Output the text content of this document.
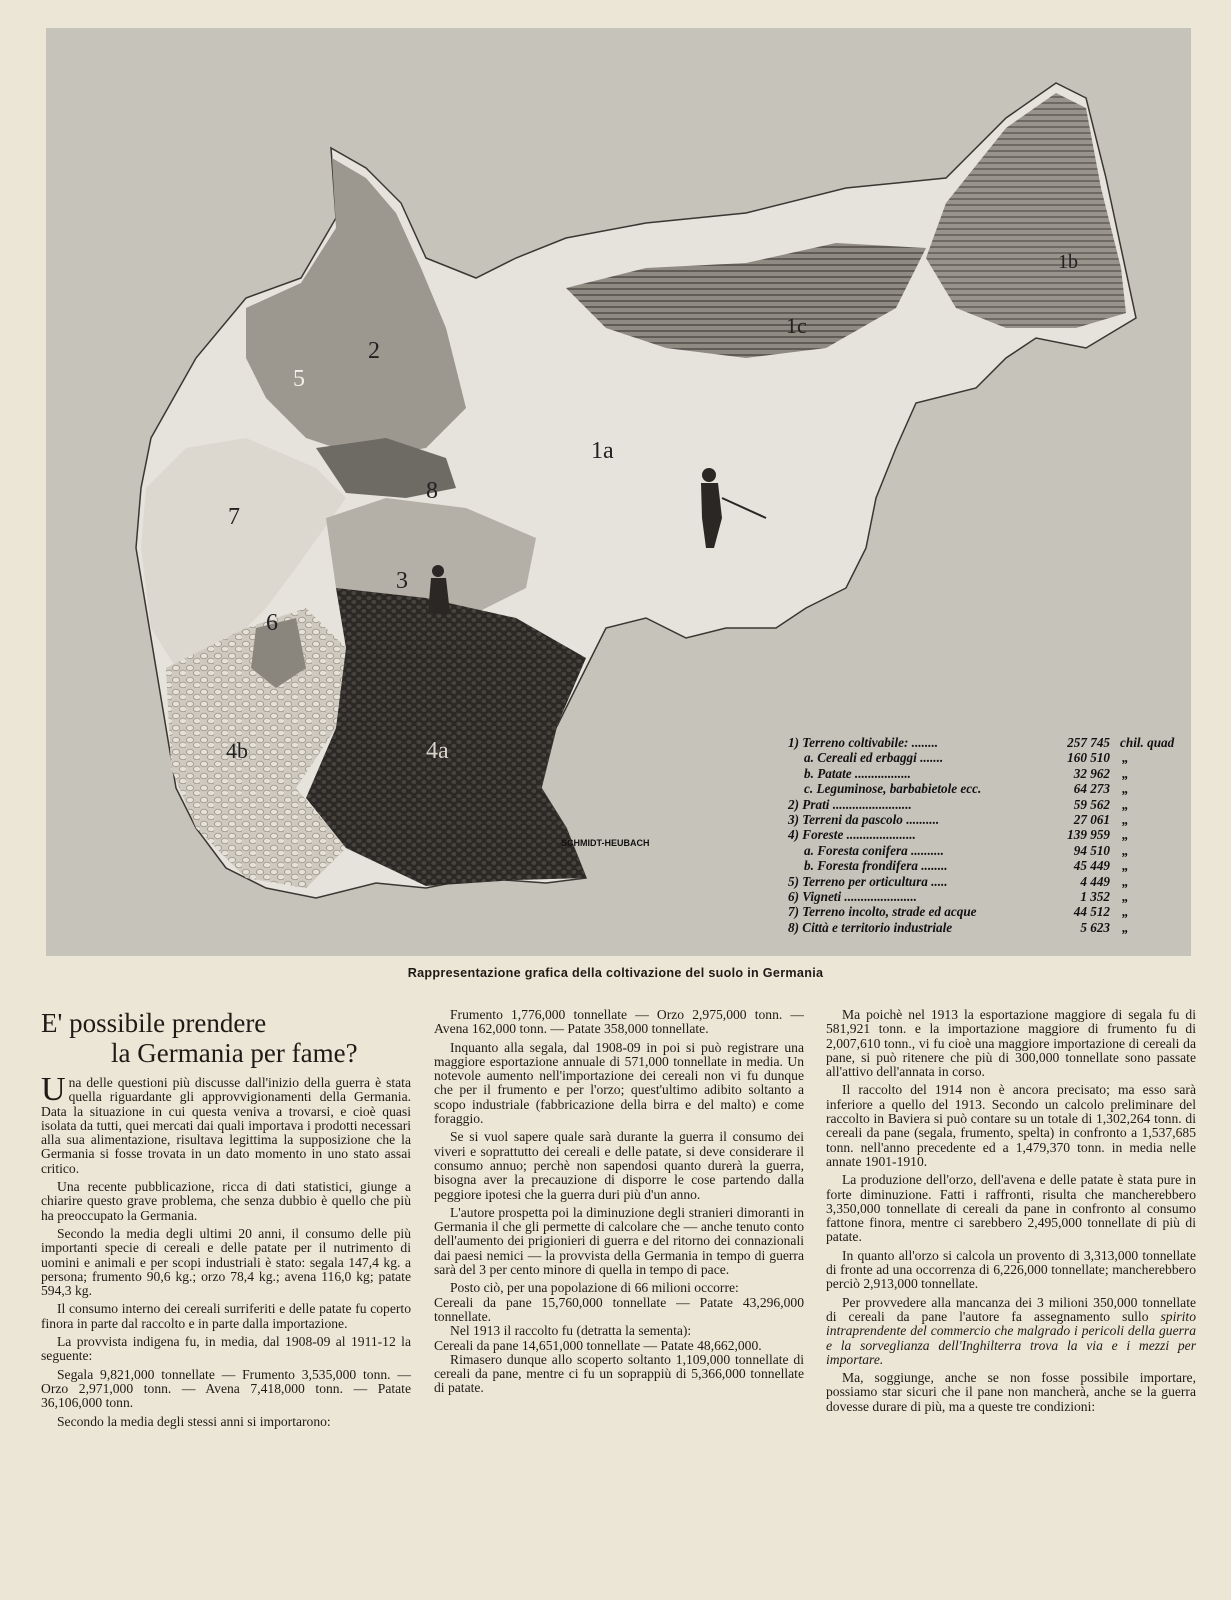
1a
1b
1c
2
3
4a
4b
5
6
7
8
SCHMIDT-HEUBACH
1) Terreno coltivabile: ........	257 745 chil. quad
a. Cereali ed erbaggi .......	160 510 „
b. Patate .................	32 962 „
c. Leguminose, barbabietole ecc.	64 273 „
2) Prati ........................	59 562 „
3) Terreni da pascolo ..........	27 061 „
4) Foreste .....................	139 959 „
a. Foresta conifera ..........	94 510 „
b. Foresta frondifera ........	45 449 „
5) Terreno per orticultura .....	4 449 „
6) Vigneti ......................	1 352 „
7) Terreno incolto, strade ed acque	44 512 „
8) Città e territorio industriale	5 623 „
Rappresentazione grafica della coltivazione del suolo in Germania
E' possibile prendere
la Germania per fame?

Una delle questioni più discusse dall'inizio della guerra è stata quella riguardante gli approvvigionamenti della Germania. Data la situazione in cui questa veniva a trovarsi, e cioè quasi isolata da tutti, quei mercati dai quali importava i prodotti necessari alla sua alimentazione, risultava legittima la supposizione che la Germania si fosse trovata in un dato momento in uno stato assai critico.

Una recente pubblicazione, ricca di dati statistici, giunge a chiarire questo grave problema, che senza dubbio è quello che più ha preoccupato la Germania.

Secondo la media degli ultimi 20 anni, il consumo delle più importanti specie di cereali e delle patate per il nutrimento di uomini e animali e per scopi industriali è stato: segala 147,4 kg. a persona; frumento 90,6 kg.; orzo 78,4 kg.; avena 116,0 kg; patate 594,3 kg.

Il consumo interno dei cereali surriferiti e delle patate fu coperto finora in parte dal raccolto e in parte dalla importazione.

La provvista indigena fu, in media, dal 1908-09 al 1911-12 la seguente:

Segala 9,821,000 tonnellate — Frumento 3,535,000 tonn. — Orzo 2,971,000 tonn. — Avena 7,418,000 tonn. — Patate 36,106,000 tonn.

Secondo la media degli stessi anni si importarono:

Frumento 1,776,000 tonnellate — Orzo 2,975,000 tonn. — Avena 162,000 tonn. — Patate 358,000 tonnellate.

Inquanto alla segala, dal 1908-09 in poi si può registrare una maggiore esportazione annuale di 571,000 tonnellate in media. Un notevole aumento nell'importazione dei cereali non vi fu dunque che per il frumento e per l'orzo; quest'ultimo adibito soltanto a scopo industriale (fabbricazione della birra e del malto) e come foraggio.

Se si vuol sapere quale sarà durante la guerra il consumo dei viveri e soprattutto dei cereali e delle patate, si deve considerare il consumo annuo; perchè non sapendosi quanto durerà la guerra, bisogna aver la precauzione di disporre le cose partendo dalla peggiore ipotesi che la guerra duri più d'un anno.

L'autore prospetta poi la diminuzione degli stranieri dimoranti in Germania il che gli permette di calcolare che — anche tenuto conto dell'aumento dei prigionieri di guerra e del ritorno dei connazionali dai paesi nemici — la provvista della Germania in tempo di guerra sarà del 3 per cento minore di quella in tempo di pace.

Posto ciò, per una popolazione di 66 milioni occorre:

Cereali da pane 15,760,000 tonnellate — Patate 43,296,000 tonnellate.

Nel 1913 il raccolto fu (detratta la sementa):

Cereali da pane 14,651,000 tonnellate — Patate 48,662,000.

Rimasero dunque allo scoperto soltanto 1,109,000 tonnellate di cereali da pane, mentre ci fu un soprappiù di 5,366,000 tonnellate di patate.

Ma poichè nel 1913 la esportazione maggiore di segala fu di 581,921 tonn. e la importazione maggiore di frumento fu di 2,007,610 tonn., vi fu cioè una maggiore importazione di cereali da pane, si può ritenere che più di 300,000 tonnellate sono passate all'attivo dell'annata in corso.

Il raccolto del 1914 non è ancora precisato; ma esso sarà inferiore a quello del 1913. Secondo un calcolo preliminare del raccolto in Baviera si può contare su un totale di 1,302,264 tonn. di cereali da pane (segala, frumento, spelta) in confronto a 1,537,685 tonn. nell'anno precedente ed a 1,479,370 tonn. in media nelle annate 1901-1910.

La produzione dell'orzo, dell'avena e delle patate è stata pure in forte diminuzione. Fatti i raffronti, risulta che mancherebbero 3,350,000 tonnellate di cereali da pane in confronto al consumo fattone finora, mentre ci sarebbero 2,495,000 tonnellate di più di patate.

In quanto all'orzo si calcola un provento di 3,313,000 tonnellate di fronte ad una occorrenza di 6,226,000 tonnellate; mancherebbero perciò 2,913,000 tonnellate.

Per provvedere alla mancanza dei 3 milioni 350,000 tonnellate di cereali da pane l'autore fa assegnamento sullo spirito intraprendente del commercio che malgrado i pericoli della guerra e la sorveglianza dell'Inghilterra trova la via e i mezzi per importare.

Ma, soggiunge, anche se non fosse possibile importare, possiamo star sicuri che il pane non mancherà, anche se la guerra dovesse durare di più, ma a queste tre condizioni:
